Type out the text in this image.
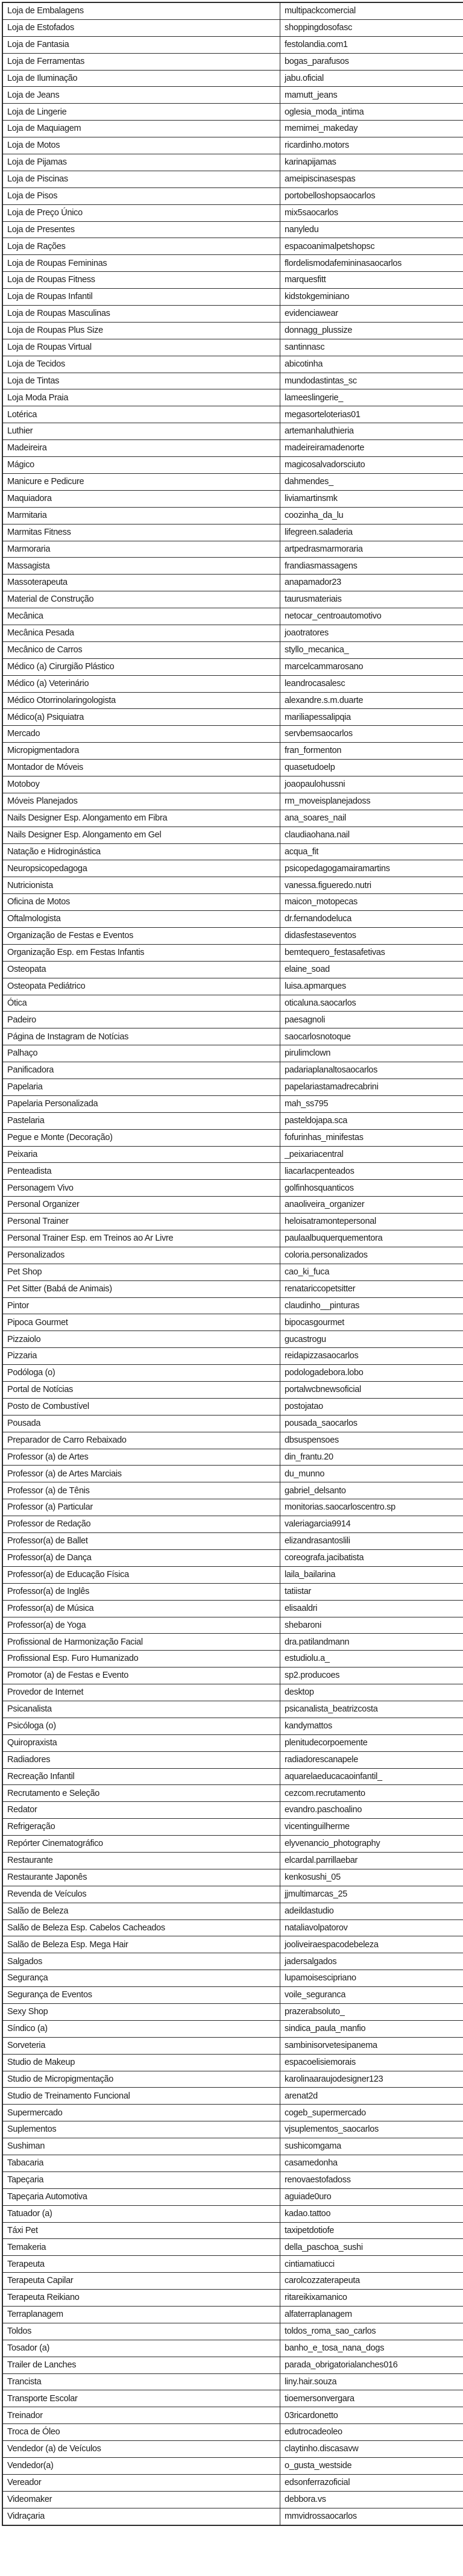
Loja de Embalagens	multipackcomercial
Loja de Estofados	shoppingdosofasc
Loja de Fantasia	festolandia.com1
Loja de Ferramentas	bogas_parafusos
Loja de Iluminação	jabu.oficial
Loja de Jeans	mamutt_jeans
Loja de Lingerie	oglesia_moda_intima
Loja de Maquiagem	memimei_makeday
Loja de Motos	ricardinho.motors
Loja de Pijamas	karinapijamas
Loja de Piscinas	ameipiscinasespas
Loja de Pisos	portobelloshopsaocarlos
Loja de Preço Único	mix5saocarlos
Loja de Presentes	nanyledu
Loja de Rações	espacoanimalpetshopsc
Loja de Roupas Femininas	flordelismodafemininasaocarlos
Loja de Roupas Fitness	marquesfitt
Loja de Roupas Infantil	kidstokgeminiano
Loja de Roupas Masculinas	evidenciawear
Loja de Roupas Plus Size	donnagg_plussize
Loja de Roupas Virtual	santinnasc
Loja de Tecidos	abicotinha
Loja de Tintas	mundodastintas_sc
Loja Moda Praia	lameeslingerie_
Lotérica	megasorteloterias01
Luthier	artemanhaluthieria
Madeireira	madeireiramadenorte
Mágico	magicosalvadorsciuto
Manicure e Pedicure	dahmendes_
Maquiadora	liviamartinsmk
Marmitaria	coozinha_da_lu
Marmitas Fitness	lifegreen.saladeria
Marmoraria	artpedrasmarmoraria
Massagista	frandiasmassagens
Massoterapeuta	anapamador23
Material de Construção	taurusmateriais
Mecânica	netocar_centroautomotivo
Mecânica Pesada	joaotratores
Mecânico de Carros	styllo_mecanica_
Médico (a) Cirurgião Plástico	marcelcammarosano
Médico (a) Veterinário	leandrocasalesc
Médico Otorrinolaringologista	alexandre.s.m.duarte
Médico(a) Psiquiatra	mariliapessalipqia
Mercado	servbemsaocarlos
Micropigmentadora	fran_formenton
Montador de Móveis	quasetudoelp
Motoboy	joaopaulohussni
Móveis Planejados	rm_moveisplanejadoss
Nails Designer Esp. Alongamento em Fibra	ana_soares_nail
Nails Designer Esp. Alongamento em Gel	claudiaohana.nail
Natação e Hidroginástica	acqua_fit
Neuropsicopedagoga	psicopedagogamairamartins
Nutricionista	vanessa.figueredo.nutri
Oficina de Motos	maicon_motopecas
Oftalmologista	dr.fernandodeluca
Organização de Festas e Eventos	didasfestaseventos
Organização Esp. em Festas Infantis	bemtequero_festasafetivas
Osteopata	elaine_soad
Osteopata Pediátrico	luisa.apmarques
Ótica	oticaluna.saocarlos
Padeiro	paesagnoli
Página de Instagram de Notícias	saocarlosnotoque
Palhaço	pirulimclown
Panificadora	padariaplanaltosaocarlos
Papelaria	papelariastamadrecabrini
Papelaria Personalizada	mah_ss795
Pastelaria	pasteldojapa.sca
Pegue e Monte (Decoração)	fofurinhas_minifestas
Peixaria	_peixariacentral
Penteadista	liacarlacpenteados
Personagem Vivo	golfinhosquanticos
Personal Organizer	anaoliveira_organizer
Personal Trainer	heloisatramontepersonal
Personal Trainer Esp. em Treinos ao Ar Livre	paulaalbuquerquementora
Personalizados	coloria.personalizados
Pet Shop	cao_ki_fuca
Pet Sitter (Babá de Animais)	renatariccopetsitter
Pintor	claudinho__pinturas
Pipoca Gourmet	bipocasgourmet
Pizzaiolo	gucastrogu
Pizzaria	reidapizzasaocarlos
Podóloga (o)	podologadebora.lobo
Portal de Notícias	portalwcbnewsoficial
Posto de Combustível	postojatao
Pousada	pousada_saocarlos
Preparador de Carro Rebaixado	dbsuspensoes
Professor (a) de Artes	din_frantu.20
Professor (a) de Artes Marciais	du_munno
Professor (a) de Tênis	gabriel_delsanto
Professor (a) Particular	monitorias.saocarloscentro.sp
Professor de Redação	valeriagarcia9914
Professor(a) de Ballet	elizandrasantoslili
Professor(a) de Dança	coreografa.jacibatista
Professor(a) de Educação Física	laila_bailarina
Professor(a) de Inglês	tatiistar
Professor(a) de Música	elisaaldri
Professor(a) de Yoga	shebaroni
Profissional de Harmonização Facial	dra.patilandmann
Profissional Esp. Furo Humanizado	estudiolu.a_
Promotor (a) de Festas e Evento	sp2.producoes
Provedor de Internet	desktop
Psicanalista	psicanalista_beatrizcosta
Psicóloga (o)	kandymattos
Quiropraxista	plenitudecorpoemente
Radiadores	radiadorescanapele
Recreação Infantil	aquarelaeducacaoinfantil_
Recrutamento e Seleção	cezcom.recrutamento
Redator	evandro.paschoalino
Refrigeração	vicentinguilherme
Repórter Cinematográfico	elyvenancio_photography
Restaurante	elcardal.parrillaebar
Restaurante Japonês	kenkosushi_05
Revenda de Veículos	jjmultimarcas_25
Salão de Beleza	adeildastudio
Salão de Beleza Esp. Cabelos Cacheados	nataliavolpatorov
Salão de Beleza Esp. Mega Hair	jooliveiraespacodebeleza
Salgados	jadersalgados
Segurança	lupamoisescipriano
Segurança de Eventos	voile_seguranca
Sexy Shop	prazerabsoluto_
Síndico (a)	sindica_paula_manfio
Sorveteria	sambinisorvetesipanema
Studio de Makeup	espacoelisiemorais
Studio de Micropigmentação	karolinaaraujodesigner123
Studio de Treinamento Funcional	arenat2d
Supermercado	cogeb_supermercado
Suplementos	vjsuplementos_saocarlos
Sushiman	sushicomgama
Tabacaria	casamedonha
Tapeçaria	renovaestofadoss
Tapeçaria Automotiva	aguiade0uro
Tatuador (a)	kadao.tattoo
Táxi Pet	taxipetdotiofe
Temakeria	della_paschoa_sushi
Terapeuta	cintiamatiucci
Terapeuta Capilar	carolcozzaterapeuta
Terapeuta Reikiano	ritareikixamanico
Terraplanagem	alfaterraplanagem
Toldos	toldos_roma_sao_carlos
Tosador (a)	banho_e_tosa_nana_dogs
Trailer de Lanches	parada_obrigatorialanches016
Trancista	liny.hair.souza
Transporte Escolar	tioemersonvergara
Treinador	03ricardonetto
Troca de Óleo	edutrocadeoleo
Vendedor (a) de Veículos	claytinho.discasavw
Vendedor(a)	o_gusta_westside
Vereador	edsonferrazoficial
Videomaker	debbora.vs
Vidraçaria	mmvidrossaocarlos
